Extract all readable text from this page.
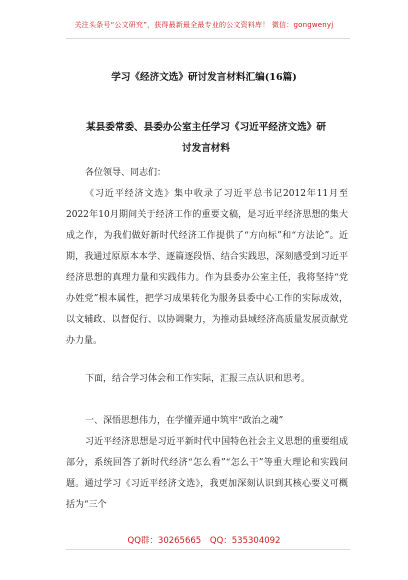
关注头条号“公文研究”，获得最新最全最专业的公文资料库！ 微信：gongwenyj
学习《经济文选》研讨发言材料汇编(16篇)
某县委常委、县委办公室主任学习《习近平经济文选》研
讨发言材料
各位领导、同志们：
《习近平经济文选》集中收录了习近平总书记2012年11月至2022年10月期间关于经济工作的重要文稿，是习近平经济思想的集大成之作，为我们做好新时代经济工作提供了“方向标”和“方法论”。近期，我通过原原本本学、逐篇逐段悟、结合实践思，深刻感受到习近平经济思想的真理力量和实践伟力。作为县委办公室主任，我将坚持“党办姓党”根本属性，把学习成果转化为服务县委中心工作的实际成效，以文辅政、以督促行、以协调聚力，为推动县域经济高质量发展贡献党办力量。
下面，结合学习体会和工作实际，汇报三点认识和思考。
一、深悟思想伟力，在学懂弄通中筑牢“政治之魂”
习近平经济思想是习近平新时代中国特色社会主义思想的重要组成部分，系统回答了新时代经济“怎么看”“怎么干”等重大理论和实践问题。通过学习《习近平经济文选》，我更加深刻认识到其核心要义可概括为“三个
QQ群：30265665 QQ：535304092
